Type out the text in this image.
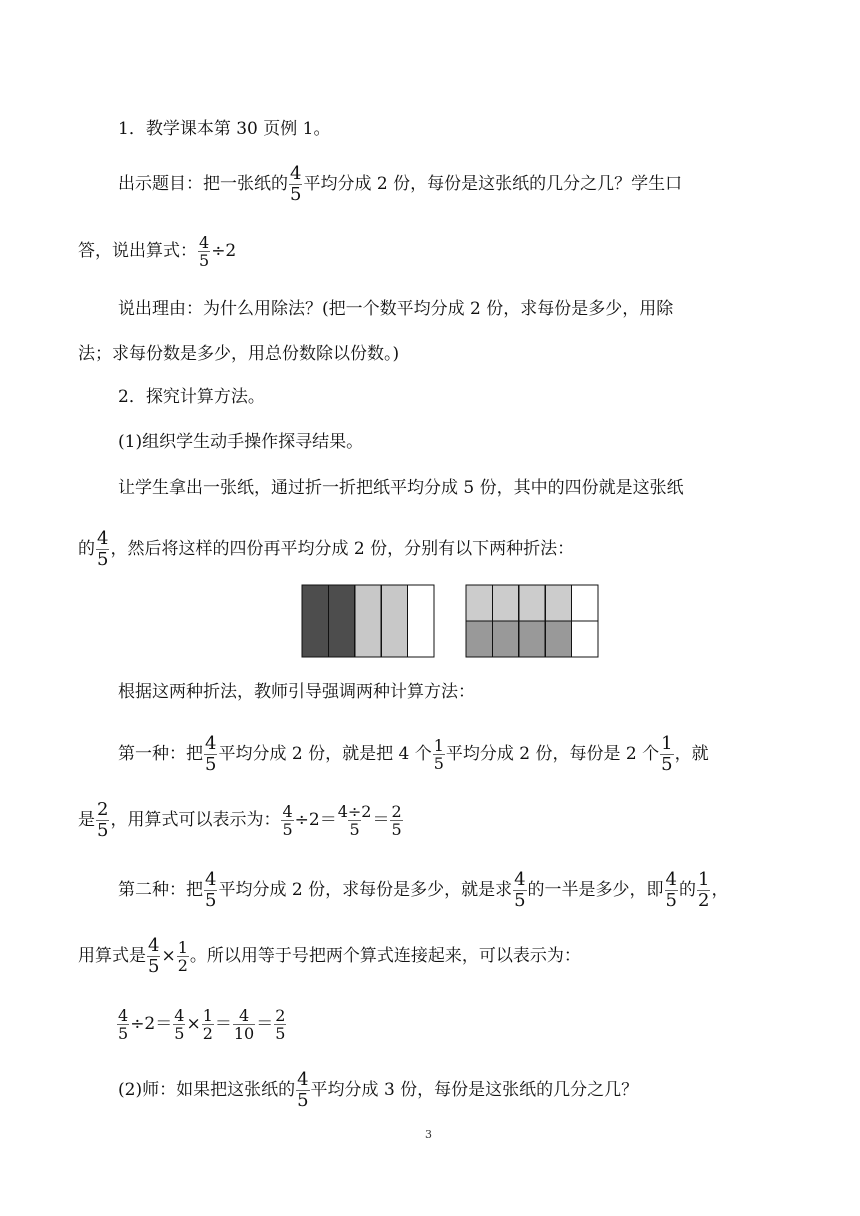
1．教学课本第 30 页例 1。
出示题目：把一张纸的 $\frac{4}{5}$ 平均分成 2 份，每份是这张纸的几分之几？学生口
答，说出算式： $\frac{4}{5} \div 2$
说出理由：为什么用除法？(把一个数平均分成 2 份，求每份是多少，用除
法；求每份数是多少，用总份数除以份数。)
2．探究计算方法。
(1)组织学生动手操作探寻结果。
让学生拿出一张纸，通过折一折把纸平均分成 5 份，其中的四份就是这张纸
的 $\frac{4}{5}$ ，然后将这样的四份再平均分成 2 份，分别有以下两种折法：
根据这两种折法，教师引导强调两种计算方法：
第一种：把 $\frac{4}{5}$ 平均分成 2 份，就是把 4 个 $\frac{1}{5}$ 平均分成 2 份，每份是 2 个 $\frac{1}{5}$ ，就
是 $\frac{2}{5}$ ，用算式可以表示为： $\frac{4}{5} \div 2= \frac{4\div 2}{5} = \frac{2}{5}$
第二种：把 $\frac{4}{5}$ 平均分成 2 份，求每份是多少，就是求 $\frac{4}{5}$ 的一半是多少，即 $\frac{4}{5}$ 的 $\frac{1}{2}$ ，
用算式是 $\frac{4}{5} \times \frac{1}{2}$ 。所以用等于号把两个算式连接起来，可以表示为：
$\frac{4}{5} \div 2= \frac{4}{5} \times \frac{1}{2} = \frac{4}{10} = \frac{2}{5}$
(2)师：如果把这张纸的 $\frac{4}{5}$ 平均分成 3 份，每份是这张纸的几分之几？
3
